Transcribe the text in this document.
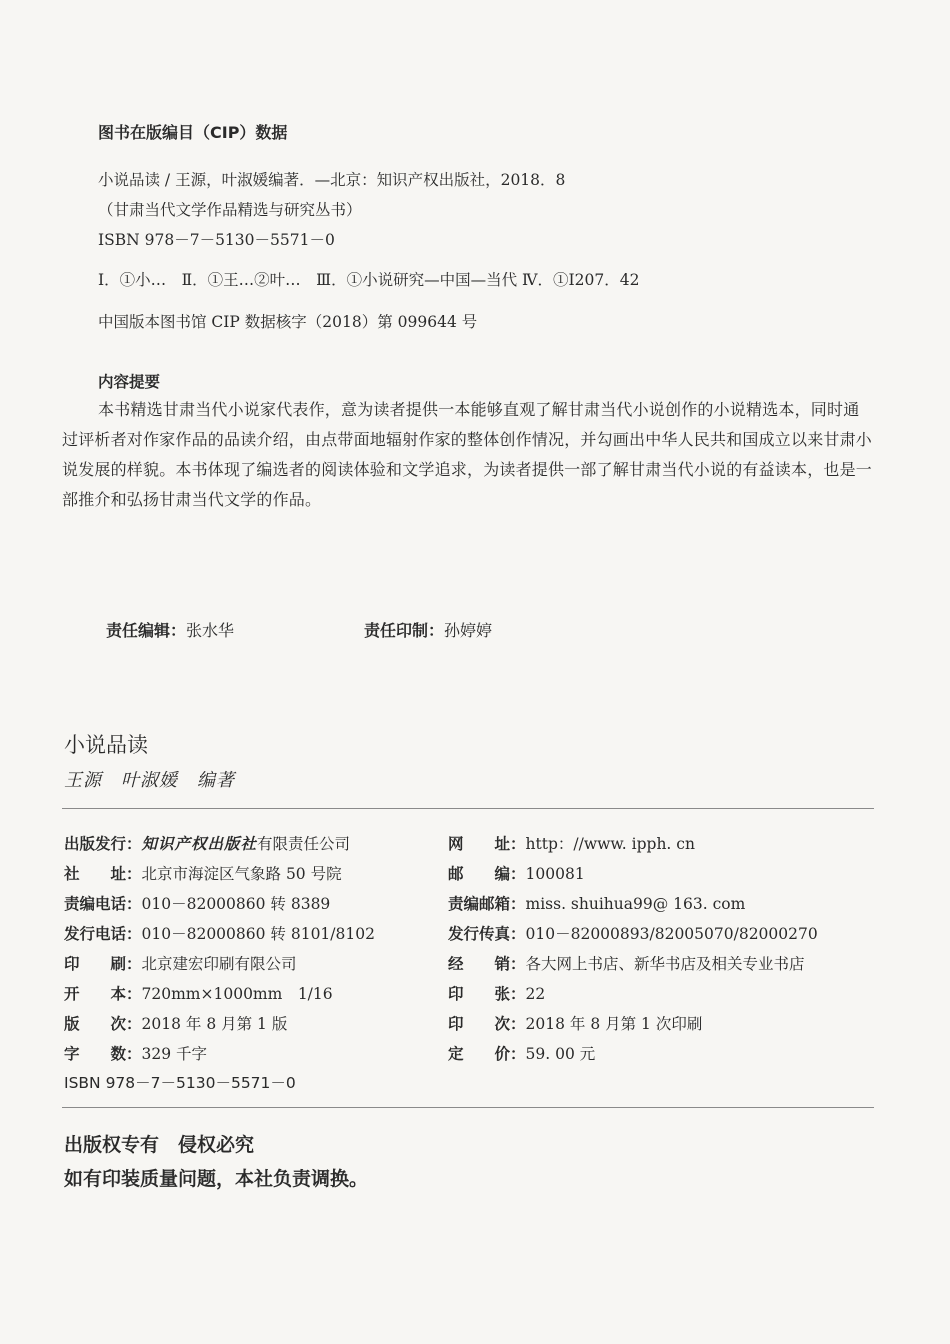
图书在版编目（CIP）数据
小说品读 / 王源，叶淑媛编著．—北京：知识产权出版社，2018．8
（甘肃当代文学作品精选与研究丛书）
ISBN 978－7－5130－5571－0
Ⅰ．①小…　Ⅱ．①王…②叶…　Ⅲ．①小说研究—中国—当代 Ⅳ．①I207．42
中国版本图书馆 CIP 数据核字（2018）第 099644 号
内容提要
本书精选甘肃当代小说家代表作，意为读者提供一本能够直观了解甘肃当代小说创作的小说精选本，同时通过评析者对作家作品的品读介绍，由点带面地辐射作家的整体创作情况，并勾画出中华人民共和国成立以来甘肃小说发展的样貌。本书体现了编选者的阅读体验和文学追求，为读者提供一部了解甘肃当代小说的有益读本，也是一部推介和弘扬甘肃当代文学的作品。
责任编辑：张水华	责任印制：孙婷婷
小说品读
王源　叶淑媛　编著
出版发行：知识产权出版社有限责任公司
社　　址：北京市海淀区气象路 50 号院
责编电话：010－82000860 转 8389
发行电话：010－82000860 转 8101/8102
印　　刷：北京建宏印刷有限公司
开　　本：720mm×1000mm　1/16
版　　次：2018 年 8 月第 1 版
字　　数：329 千字
网　　址：http：//www. ipph. cn
邮　　编：100081
责编邮箱：miss. shuihua99@ 163. com
发行传真：010－82000893/82005070/82000270
经　　销：各大网上书店、新华书店及相关专业书店
印　　张：22
印　　次：2018 年 8 月第 1 次印刷
定　　价：59. 00 元
ISBN 978－7－5130－5571－0
出版权专有　侵权必究
如有印装质量问题，本社负责调换。
